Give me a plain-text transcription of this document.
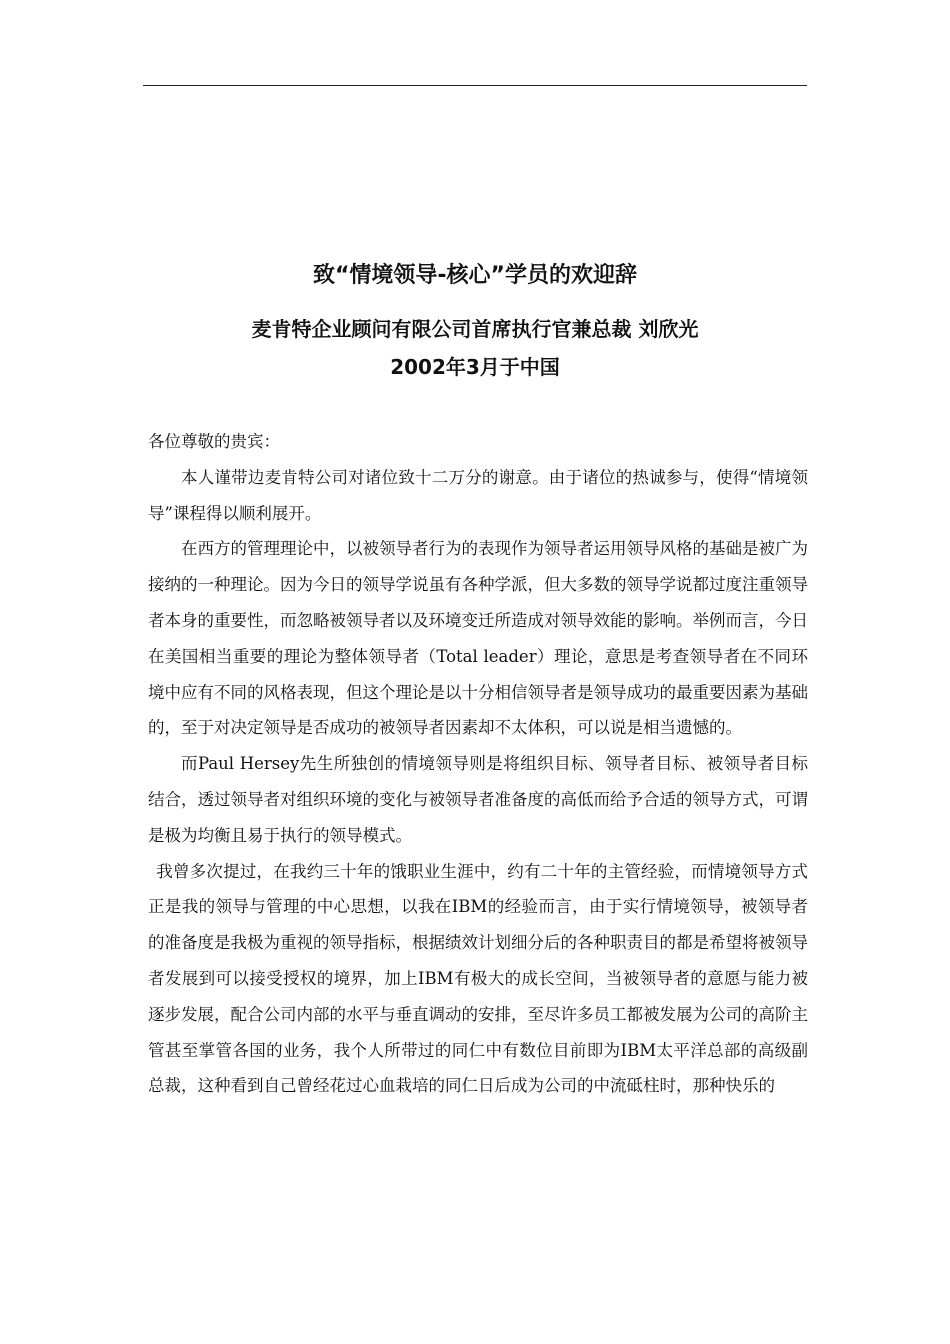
致“情境领导-核心”学员的欢迎辞
麦肯特企业顾问有限公司首席执行官兼总裁 刘欣光
2002年3月于中国

各位尊敬的贵宾：

本人谨带边麦肯特公司对诸位致十二万分的谢意。由于诸位的热诚参与，使得“情境领导”课程得以顺利展开。

在西方的管理理论中，以被领导者行为的表现作为领导者运用领导风格的基础是被广为接纳的一种理论。因为今日的领导学说虽有各种学派，但大多数的领导学说都过度注重领导者本身的重要性，而忽略被领导者以及环境变迁所造成对领导效能的影响。举例而言，今日在美国相当重要的理论为整体领导者（Total leader）理论，意思是考查领导者在不同环境中应有不同的风格表现，但这个理论是以十分相信领导者是领导成功的最重要因素为基础的，至于对决定领导是否成功的被领导者因素却不太体积，可以说是相当遗憾的。

而Paul Hersey先生所独创的情境领导则是将组织目标、领导者目标、被领导者目标结合，透过领导者对组织环境的变化与被领导者准备度的高低而给予合适的领导方式，可谓是极为均衡且易于执行的领导模式。

我曾多次提过，在我约三十年的饿职业生涯中，约有二十年的主管经验，而情境领导方式正是我的领导与管理的中心思想，以我在IBM的经验而言，由于实行情境领导，被领导者的准备度是我极为重视的领导指标，根据绩效计划细分后的各种职责目的都是希望将被领导者发展到可以接受授权的境界，加上IBM有极大的成长空间，当被领导者的意愿与能力被逐步发展，配合公司内部的水平与垂直调动的安排，至尽许多员工都被发展为公司的高阶主管甚至掌管各国的业务，我个人所带过的同仁中有数位目前即为IBM太平洋总部的高级副总裁，这种看到自己曾经花过心血栽培的同仁日后成为公司的中流砥柱时，那种快乐的
